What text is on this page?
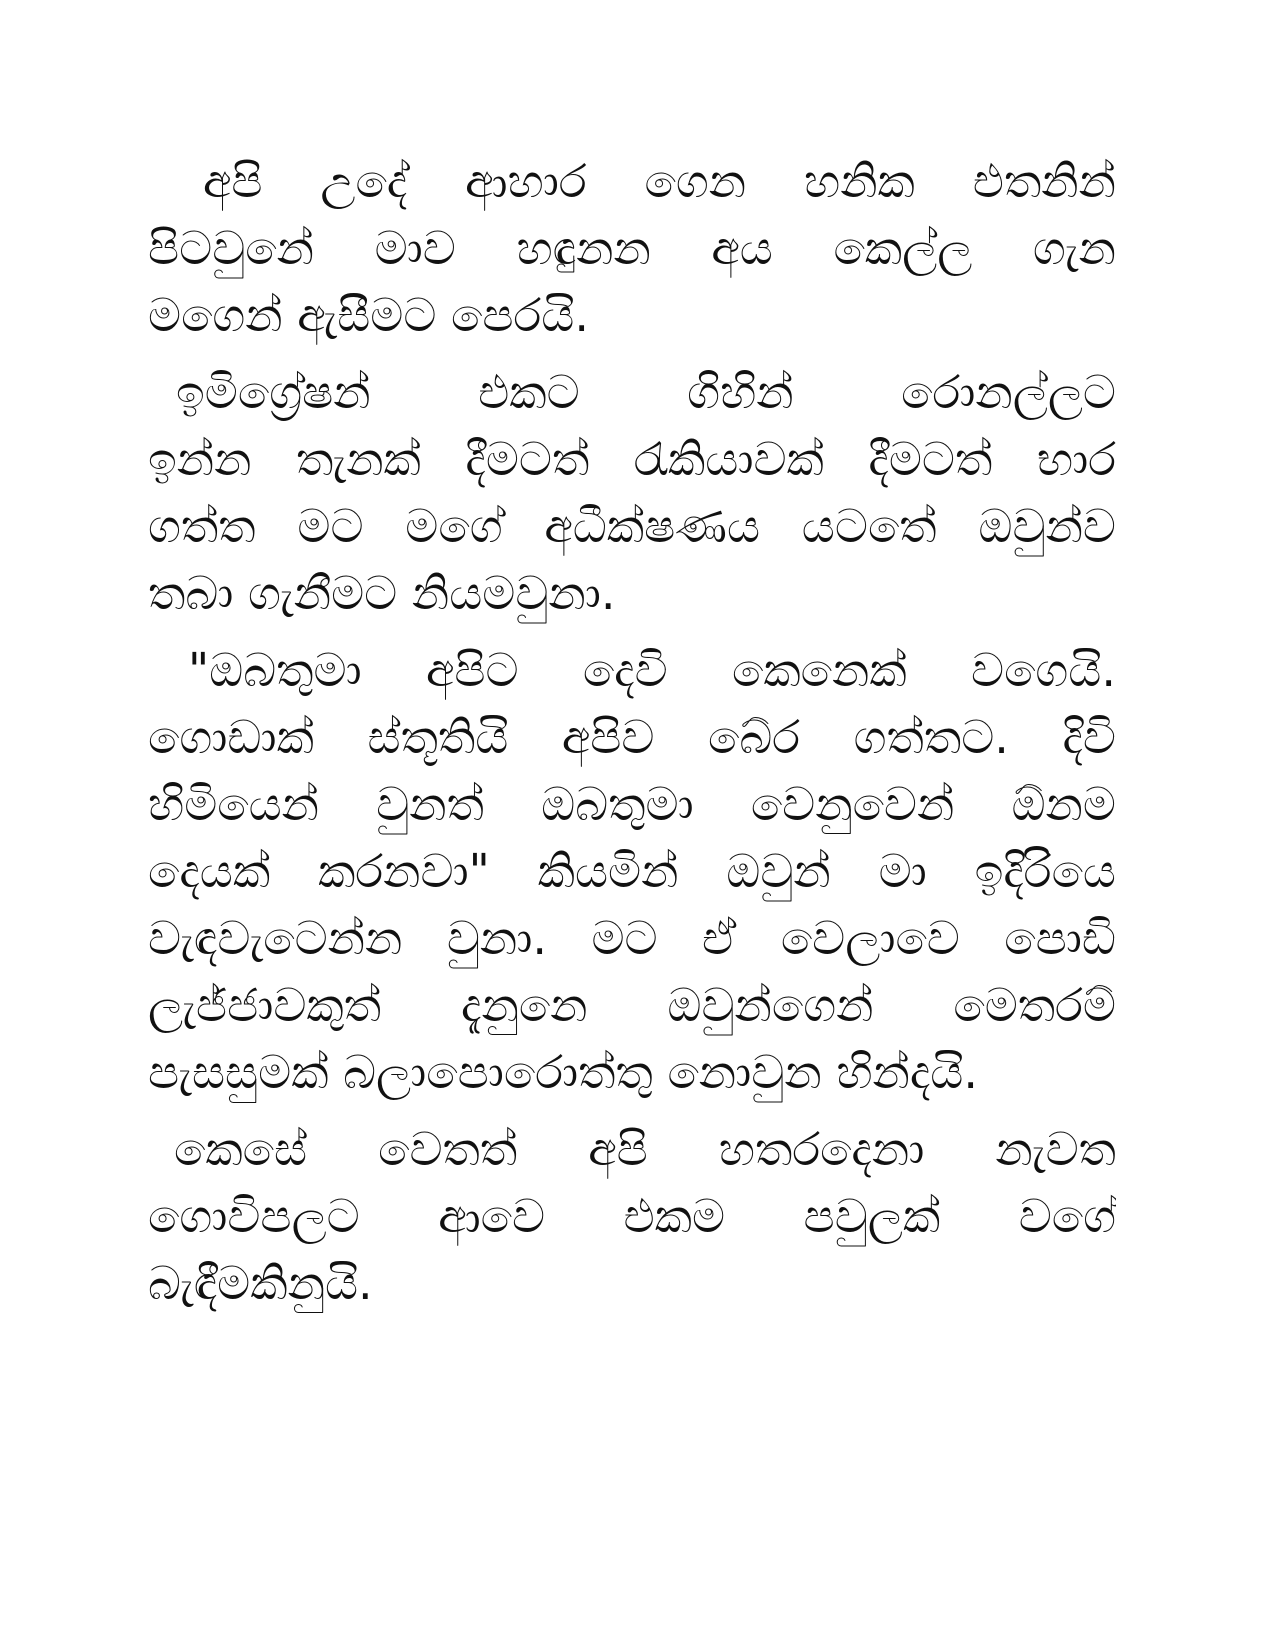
අපි උදේ ආහාර ගෙන හනික එතනින්
පිටවුනේ මාව හඳුනන අය කෙල්ල ගැන
මගෙන් ඇසීමට පෙරයි.
ඉමිග්‍රේෂන් එකට ගිහින් රොනල්ලට
ඉන්න තැනක් දීමටත් රැකියාවක් දීමටත් භාර
ගත්ත මට මගේ අධීක්ෂණය යටතේ ඔවුන්ව
තබා ගැනීමට නියමවුනා.
"ඔබතුමා අපිට දෙවි කෙනෙක් වගෙයි.
ගොඩාක් ස්තූතියි අපිව බේර ගත්තට. දිවි
හිමියෙන් වුනත් ඔබතුමා වෙනුවෙන් ඕනම
දෙයක් කරනවා" කියමින් ඔවුන් මා ඉදිරියෙ
වැඳවැටෙන්න වුනා. මට ඒ වෙලාවෙ පොඩි
ලැජ්ජාවකුත් දැනුනෙ ඔවුන්ගෙන් මෙතරම්
පැසසුමක් බලාපොරොත්තු නොවුන හින්දයි.
කෙසේ වෙතත් අපි හතරදෙනා නැවත
ගොවිපලට ආවෙ එකම පවුලක් වගේ
බැඳීමකිනුයි.
